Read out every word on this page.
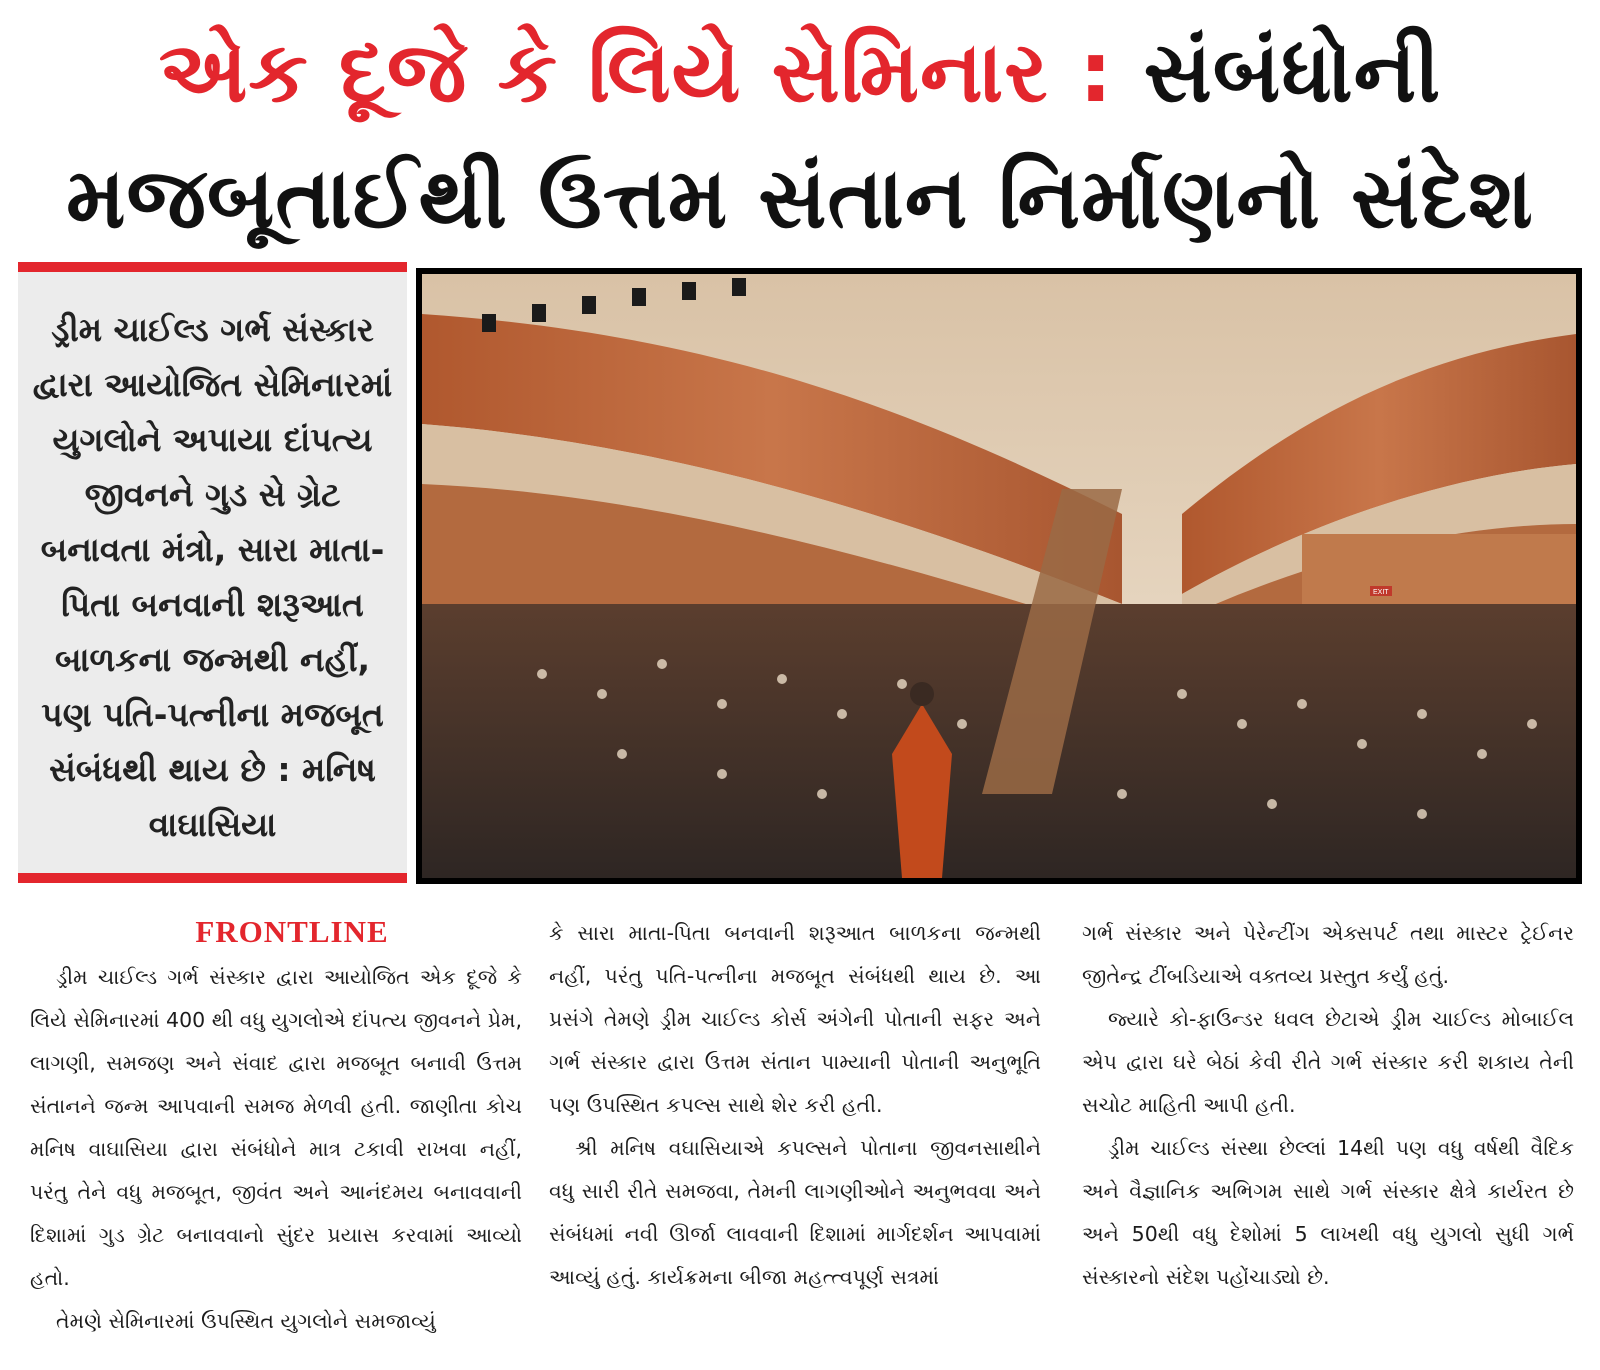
એક દૂજે કે લિયે સેમિનાર : સંબંધોની
મજબૂતાઈથી ઉત્તમ સંતાન નિર્માણનો સંદેશ
ડ્રીમ ચાઈલ્ડ ગર્ભ સંસ્કાર દ્વારા આયોજિત સેમિનારમાં યુગલોને અપાયા દાંપત્ય જીવનને ગુડ સે ગ્રેટ બનાવતા મંત્રો, સારા માતા-પિતા બનવાની શરૂઆત બાળકના જન્મથી નહીં, પણ પતિ-પત્નીના મજબૂત સંબંધથી થાય છે : મનિષ વાઘાસિયા
EXIT
FRONTLINE

ડ્રીમ ચાઈલ્ડ ગર્ભ સંસ્કાર દ્વારા આયોજિત એક દૂજે કે લિયે સેમિનારમાં 400 થી વધુ યુગલોએ દાંપત્ય જીવનને પ્રેમ, લાગણી, સમજણ અને સંવાદ દ્વારા મજબૂત બનાવી ઉત્તમ સંતાનને જન્મ આપવાની સમજ મેળવી હતી. જાણીતા કોચ મનિષ વાઘાસિયા દ્વારા સંબંધોને માત્ર ટકાવી રાખવા નહીં, પરંતુ તેને વધુ મજબૂત, જીવંત અને આનંદમય બનાવવાની દિશામાં ગુડ ગ્રેટ બનાવવાનો સુંદર પ્રયાસ કરવામાં આવ્યો હતો.

તેમણે સેમિનારમાં ઉપસ્થિત યુગલોને સમજાવ્યું

કે સારા માતા-પિતા બનવાની શરૂઆત બાળકના જન્મથી નહીં, પરંતુ પતિ-પત્નીના મજબૂત સંબંધથી થાય છે. આ પ્રસંગે તેમણે ડ્રીમ ચાઈલ્ડ કોર્સ અંગેની પોતાની સફર અને ગર્ભ સંસ્કાર દ્વારા ઉત્તમ સંતાન પામ્યાની પોતાની અનુભૂતિ પણ ઉપસ્થિત કપલ્સ સાથે શેર કરી હતી.

શ્રી મનિષ વઘાસિયાએ કપલ્સને પોતાના જીવનસાથીને વધુ સારી રીતે સમજવા, તેમની લાગણીઓને અનુભવવા અને સંબંધમાં નવી ઊર્જા લાવવાની દિશામાં માર્ગદર્શન આપવામાં આવ્યું હતું. કાર્યક્રમના બીજા મહત્ત્વપૂર્ણ સત્રમાં

ગર્ભ સંસ્કાર અને પેરેન્ટીંગ એક્સપર્ટ તથા માસ્ટર ટ્રેઈનર જીતેન્દ્ર ટીંબડિયાએ વક્તવ્ય પ્રસ્તુત કર્યું હતું.

જ્યારે કો-ફાઉન્ડર ધવલ છેટાએ ડ્રીમ ચાઈલ્ડ મોબાઈલ એપ દ્વારા ઘરે બેઠાં કેવી રીતે ગર્ભ સંસ્કાર કરી શકાય તેની સચોટ માહિતી આપી હતી.

ડ્રીમ ચાઈલ્ડ સંસ્થા છેલ્લાં 14થી પણ વધુ વર્ષથી વૈદિક અને વૈજ્ઞાનિક અભિગમ સાથે ગર્ભ સંસ્કાર ક્ષેત્રે કાર્યરત છે અને 50થી વધુ દેશોમાં 5 લાખથી વધુ યુગલો સુધી ગર્ભ સંસ્કારનો સંદેશ પહોંચાડ્યો છે.
